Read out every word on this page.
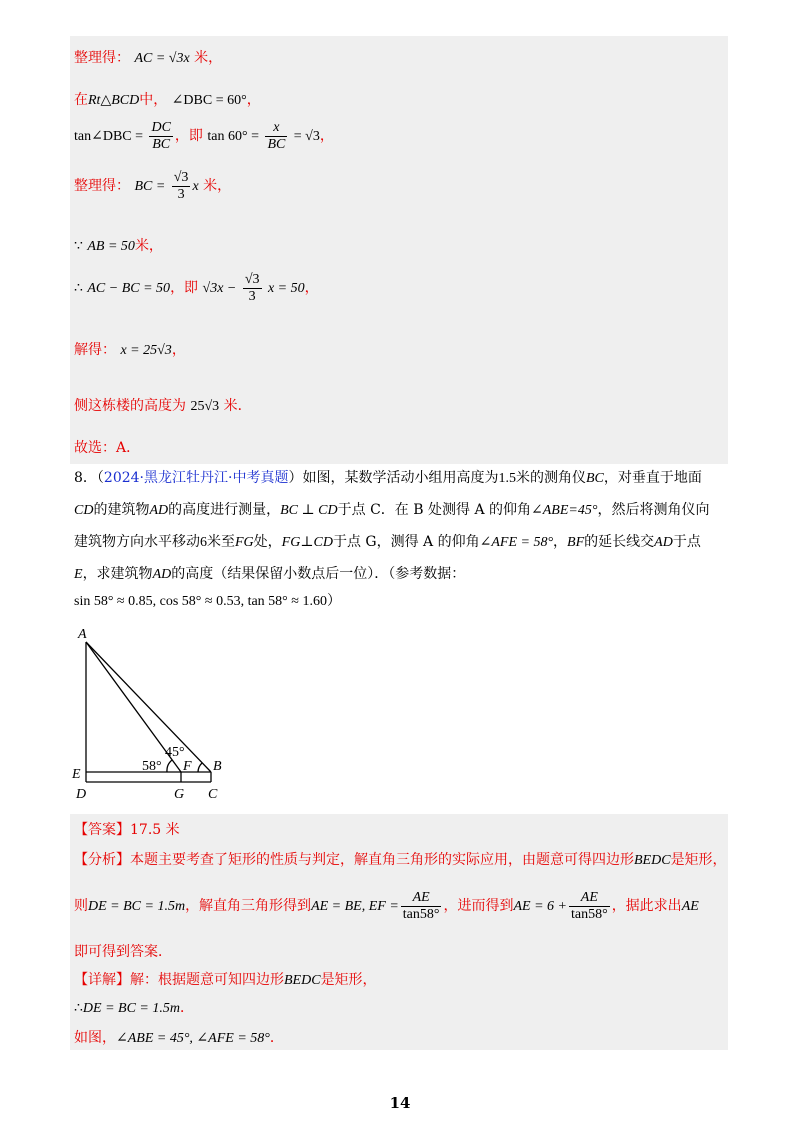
整理得： AC = √3x 米，
在Rt△BCD中， ∠DBC = 60°，
tan∠DBC = $\frac{DC}{BC}$ ，即 $\tan 60^\circ = \frac{x}{BC} = √3$，
整理得： BC = $\frac{√3}{3}$ x 米，
∵ AB = 50米，
∴ AC − BC = 50，即 $√3x - \frac{√3}{3}$ x = 50，
解得： x = 25√3，
侧这栋楼的高度为 25√3 米．
故选：A．
8．（2024·黑龙江牡丹江·中考真题）如图，某数学活动小组用高度为1.5米的测角仪BC，对垂直于地面
CD的建筑物AD的高度进行测量，BC ⊥ CD于点 C．在 B 处测得 A 的仰角∠ABE=45°，然后将测角仪向
建筑物方向水平移动6米至FG处，FG⊥CD于点 G，测得 A 的仰角∠AFE = 58°，BF的延长线交AD于点
E，求建筑物AD的高度（结果保留小数点后一位）．（参考数据：
sin 58° ≈ 0.85, cos 58° ≈ 0.53, tan 58° ≈ 1.60）
A
E
D	G C
B
F
45°
58°
【答案】17.5 米
【分析】本题主要考查了矩形的性质与判定，解直角三角形的实际应用，由题意可得四边形BEDC是矩形，
则DE = BC = 1.5m，解直角三角形得到AE = BE, EF = $\frac{AE}{\tan 58^\circ}$ ，进而得到AE = $6 + \frac{AE}{\tan 58^\circ}$ ，据此求出AE
即可得到答案．
【详解】解：根据题意可知四边形BEDC是矩形，
∴DE = BC = 1.5m．
如图，∠ABE = 45°, ∠AFE = 58°．
14
